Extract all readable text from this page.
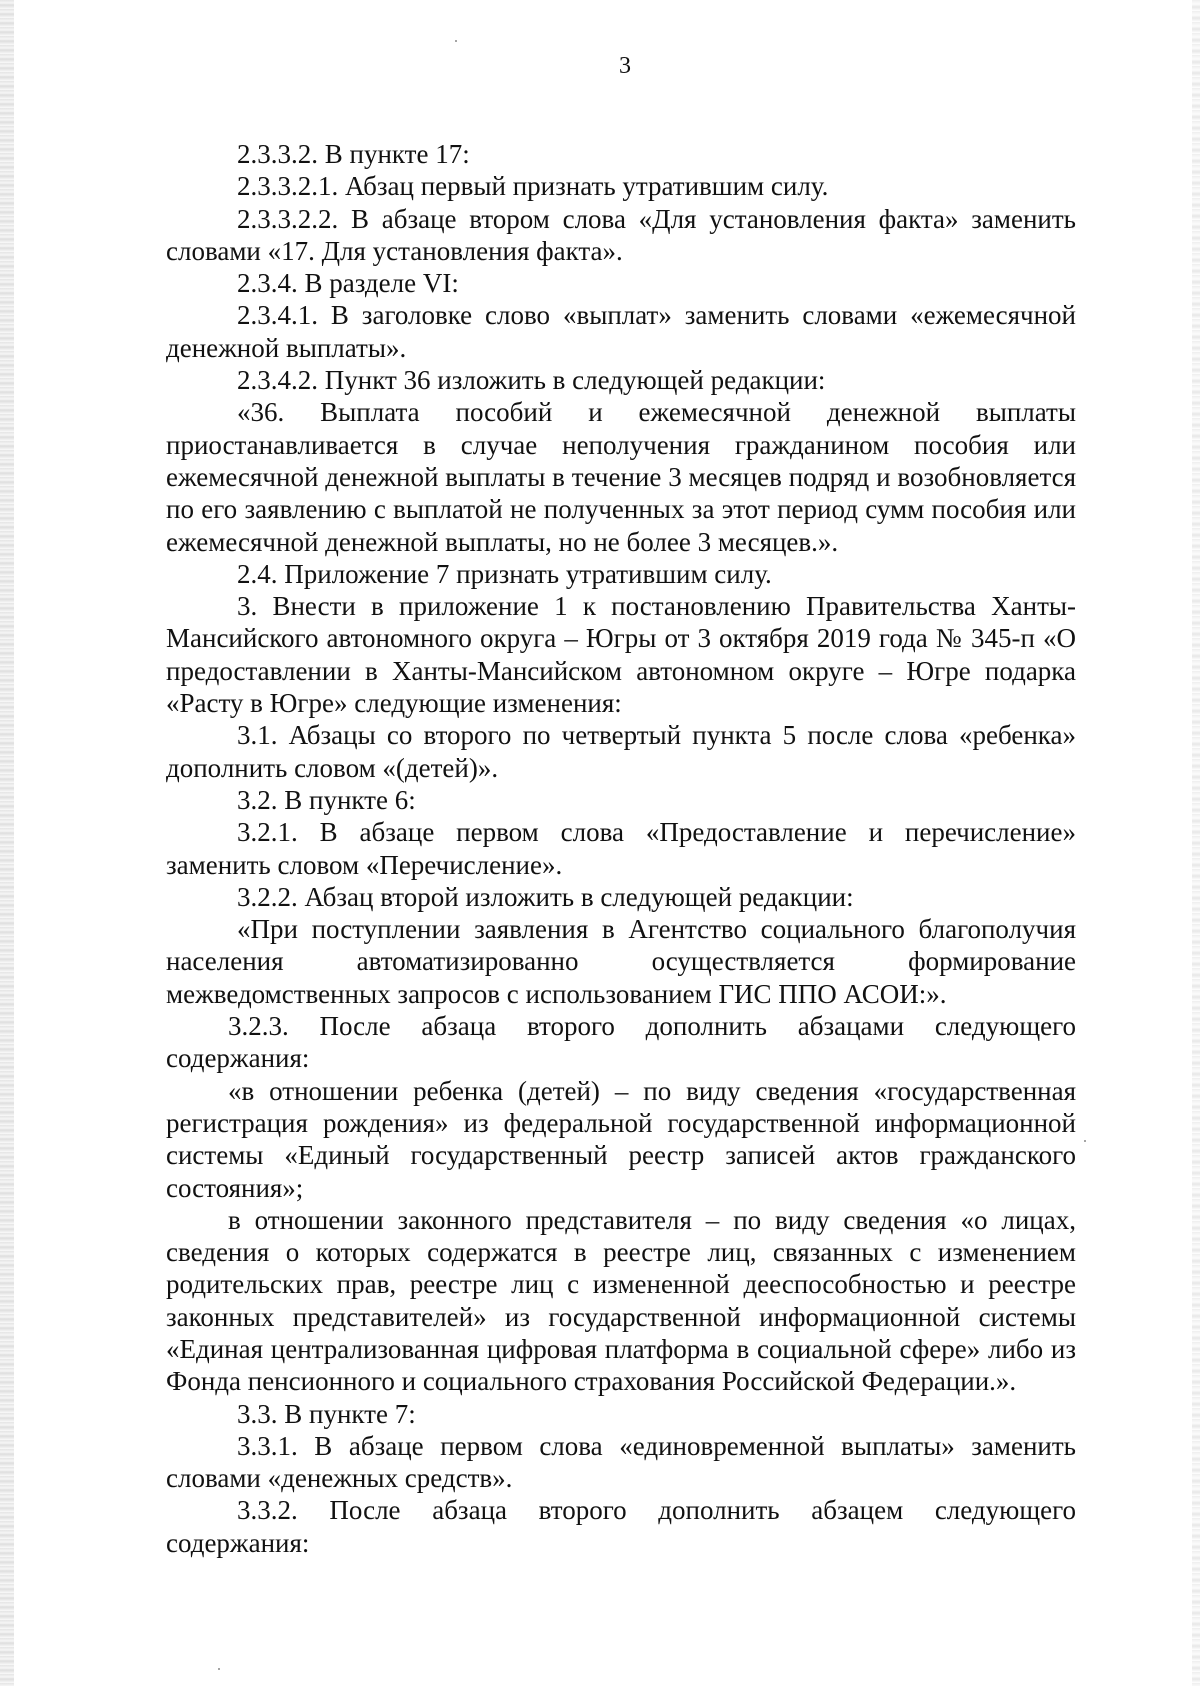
3

2.3.3.2. В пункте 17:

2.3.3.2.1. Абзац первый признать утратившим силу.

2.3.3.2.2. В абзаце втором слова «Для установления факта» заменить словами «17. Для установления факта».

2.3.4. В разделе VI:

2.3.4.1. В заголовке слово «выплат» заменить словами «ежемесячной денежной выплаты».

2.3.4.2. Пункт 36 изложить в следующей редакции:

«36. Выплата пособий и ежемесячной денежной выплаты приостанавливается в случае неполучения гражданином пособия или ежемесячной денежной выплаты в течение 3 месяцев подряд и возобновляется по его заявлению с выплатой не полученных за этот период сумм пособия или ежемесячной денежной выплаты, но не более 3 месяцев.».

2.4. Приложение 7 признать утратившим силу.

3. Внести в приложение 1 к постановлению Правительства Ханты-Мансийского автономного округа – Югры от 3 октября 2019 года № 345-п «О предоставлении в Ханты-Мансийском автономном округе – Югре подарка «Расту в Югре» следующие изменения:

3.1. Абзацы со второго по четвертый пункта 5 после слова «ребенка» дополнить словом «(детей)».

3.2. В пункте 6:

3.2.1. В абзаце первом слова «Предоставление и перечисление» заменить словом «Перечисление».

3.2.2. Абзац второй изложить в следующей редакции:

«При поступлении заявления в Агентство социального благополучия населения автоматизированно осуществляется формирование межведомственных запросов с использованием ГИС ППО АСОИ:».

3.2.3. После абзаца второго дополнить абзацами следующего содержания:

«в отношении ребенка (детей) – по виду сведения «государственная регистрация рождения» из федеральной государственной информационной системы «Единый государственный реестр записей актов гражданского состояния»;

в отношении законного представителя – по виду сведения «о лицах, сведения о которых содержатся в реестре лиц, связанных с изменением родительских прав, реестре лиц с измененной дееспособностью и реестре законных представителей» из государственной информационной системы «Единая централизованная цифровая платформа в социальной сфере» либо из Фонда пенсионного и социального страхования Российской Федерации.».

3.3. В пункте 7:

3.3.1. В абзаце первом слова «единовременной выплаты» заменить словами «денежных средств».

3.3.2. После абзаца второго дополнить абзацем следующего содержания:
